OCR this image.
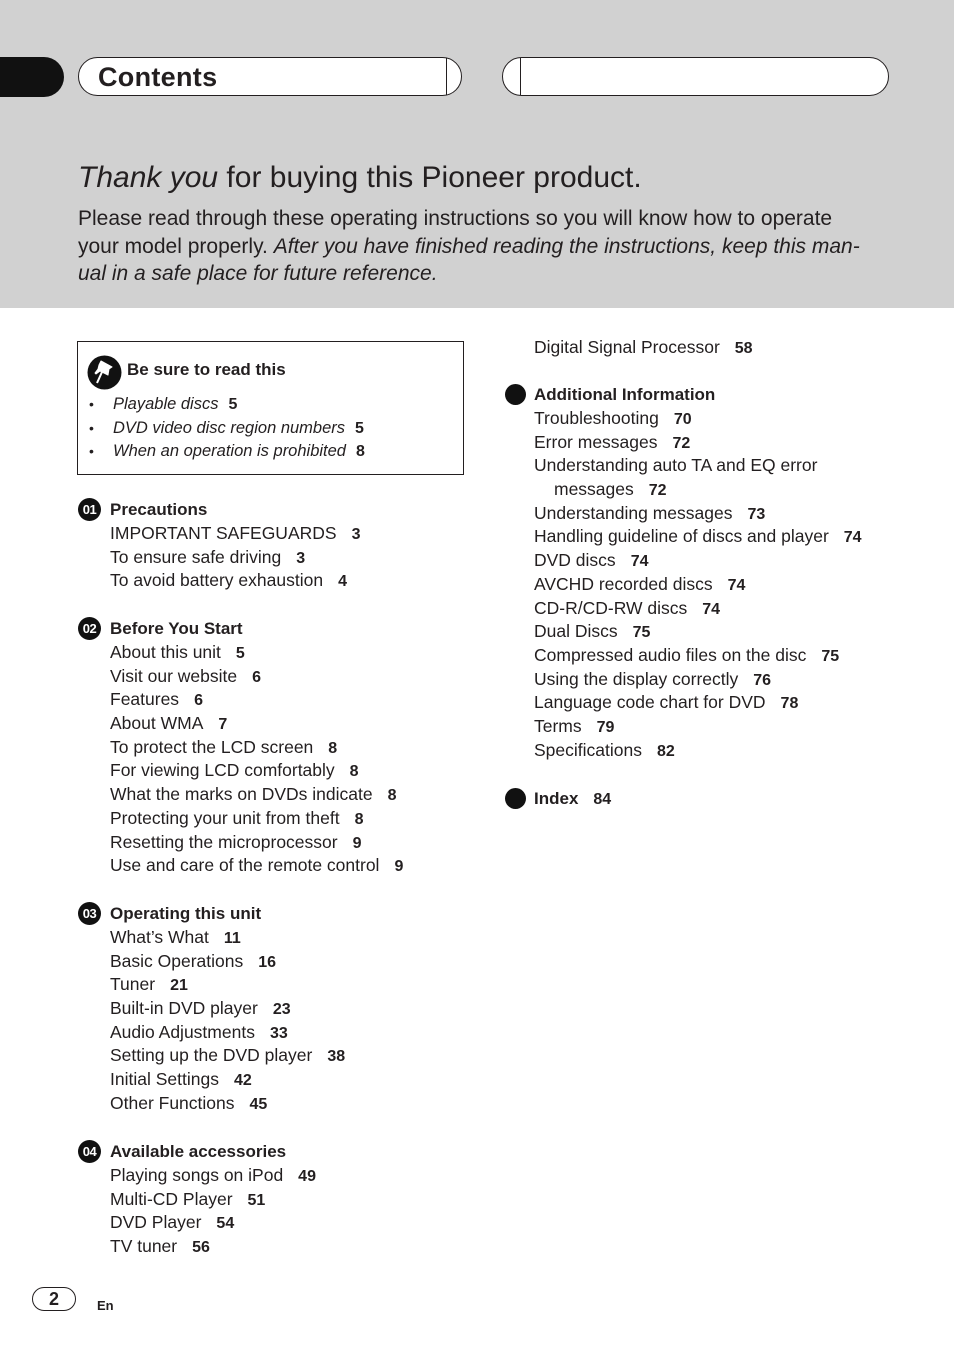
Contents
Thank you for buying this Pioneer product.
Please read through these operating instructions so you will know how to operate
your model properly. After you have finished reading the instructions, keep this man-
ual in a safe place for future reference.
Be sure to read this
• Playable discs 5
• DVD video disc region numbers 5
• When an operation is prohibited 8
01 Precautions
IMPORTANT SAFEGUARDS 3
To ensure safe driving 3
To avoid battery exhaustion 4
02 Before You Start
About this unit 5
Visit our website 6
Features 6
About WMA 7
To protect the LCD screen 8
For viewing LCD comfortably 8
What the marks on DVDs indicate 8
Protecting your unit from theft 8
Resetting the microprocessor 9
Use and care of the remote control 9
03 Operating this unit
What’s What 11
Basic Operations 16
Tuner 21
Built-in DVD player 23
Audio Adjustments 33
Setting up the DVD player 38
Initial Settings 42
Other Functions 45
04 Available accessories
Playing songs on iPod 49
Multi-CD Player 51
DVD Player 54
TV tuner 56
Digital Signal Processor 58
Additional Information
Troubleshooting 70
Error messages 72
Understanding auto TA and EQ error
messages 72
Understanding messages 73
Handling guideline of discs and player 74
DVD discs 74
AVCHD recorded discs 74
CD-R/CD-RW discs 74
Dual Discs 75
Compressed audio files on the disc 75
Using the display correctly 76
Language code chart for DVD 78
Terms 79
Specifications 82
Index 84
2	En
